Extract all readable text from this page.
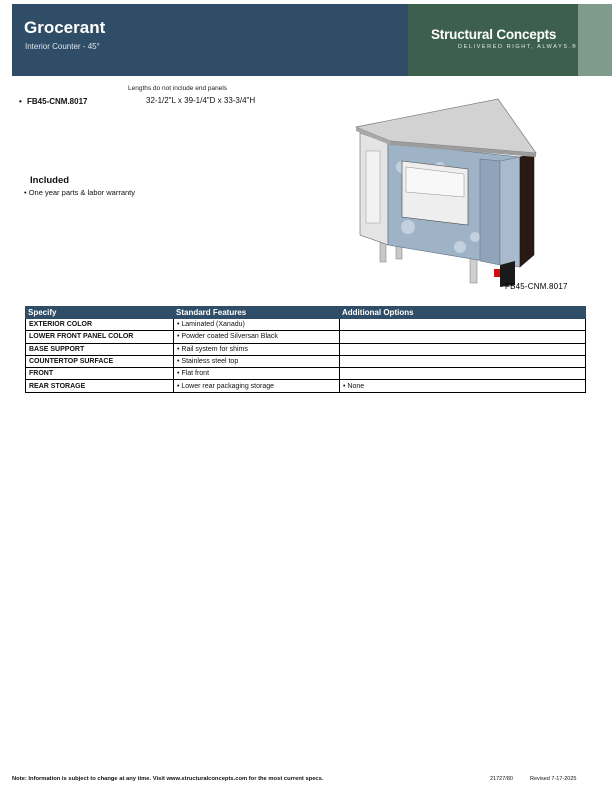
Grocerant
Interior Counter - 45°
Structural Concepts
DELIVERED RIGHT, ALWAYS.®
Lengths do not include end panels
• FB45-CNM.8017	32-1/2"L x 39-1/4"D x 33-3/4"H
Included
• One year parts & labor warranty
FB45-CNM.8017
Specify	Standard Features	Additional Options
EXTERIOR COLOR	• Laminated (Xanadu)	
LOWER FRONT PANEL COLOR	• Powder coated Silversan Black	
BASE SUPPORT	• Rail system for shims	
COUNTERTOP SURFACE	• Stainless steel top	
FRONT	• Flat front	
REAR STORAGE	• Lower rear packaging storage	• None
Note: Information is subject to change at any time. Visit www.structuralconcepts.com for the most current specs.	21727/80	Revised 7-17-2025
